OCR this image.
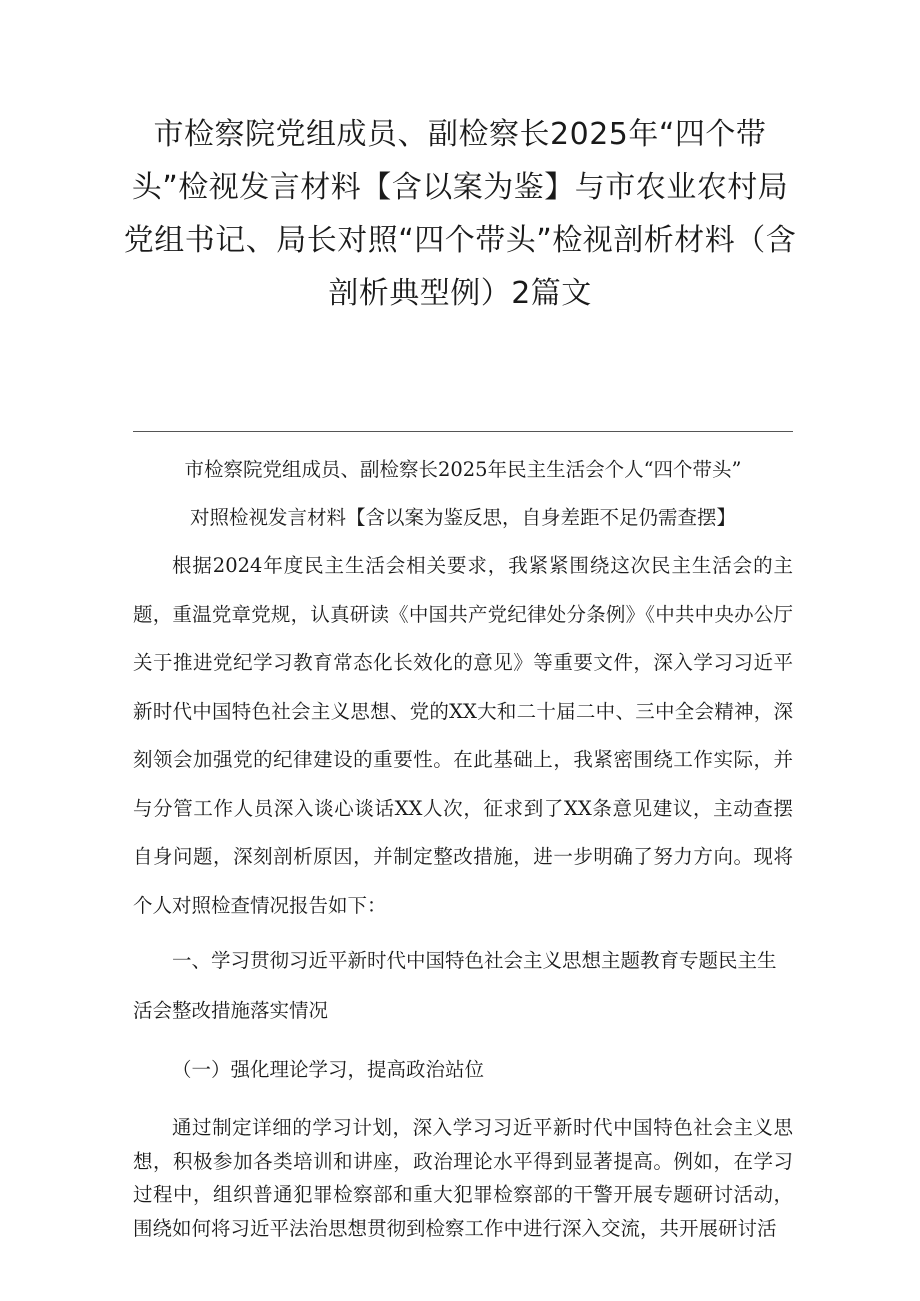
市检察院党组成员、副检察长2025年“四个带头”检视发言材料【含以案为鉴】与市农业农村局党组书记、局长对照“四个带头”检视剖析材料（含剖析典型例）2篇文

市检察院党组成员、副检察长2025年民主生活会个人“四个带头”

对照检视发言材料【含以案为鉴反思，自身差距不足仍需查摆】

根据2024年度民主生活会相关要求，我紧紧围绕这次民主生活会的主题，重温党章党规，认真研读《中国共产党纪律处分条例》《中共中央办公厅关于推进党纪学习教育常态化长效化的意见》等重要文件，深入学习习近平新时代中国特色社会主义思想、党的XX大和二十届二中、三中全会精神，深刻领会加强党的纪律建设的重要性。在此基础上，我紧密围绕工作实际，并与分管工作人员深入谈心谈话XX人次，征求到了XX条意见建议，主动查摆自身问题，深刻剖析原因，并制定整改措施，进一步明确了努力方向。现将个人对照检查情况报告如下：

一、学习贯彻习近平新时代中国特色社会主义思想主题教育专题民主生活会整改措施落实情况

（一）强化理论学习，提高政治站位

通过制定详细的学习计划，深入学习习近平新时代中国特色社会主义思想，积极参加各类培训和讲座，政治理论水平得到显著提高。例如，在学习过程中，组织普通犯罪检察部和重大犯罪检察部的干警开展专题研讨活动，围绕如何将习近平法治思想贯彻到检察工作中进行深入交流，共开展研讨活
